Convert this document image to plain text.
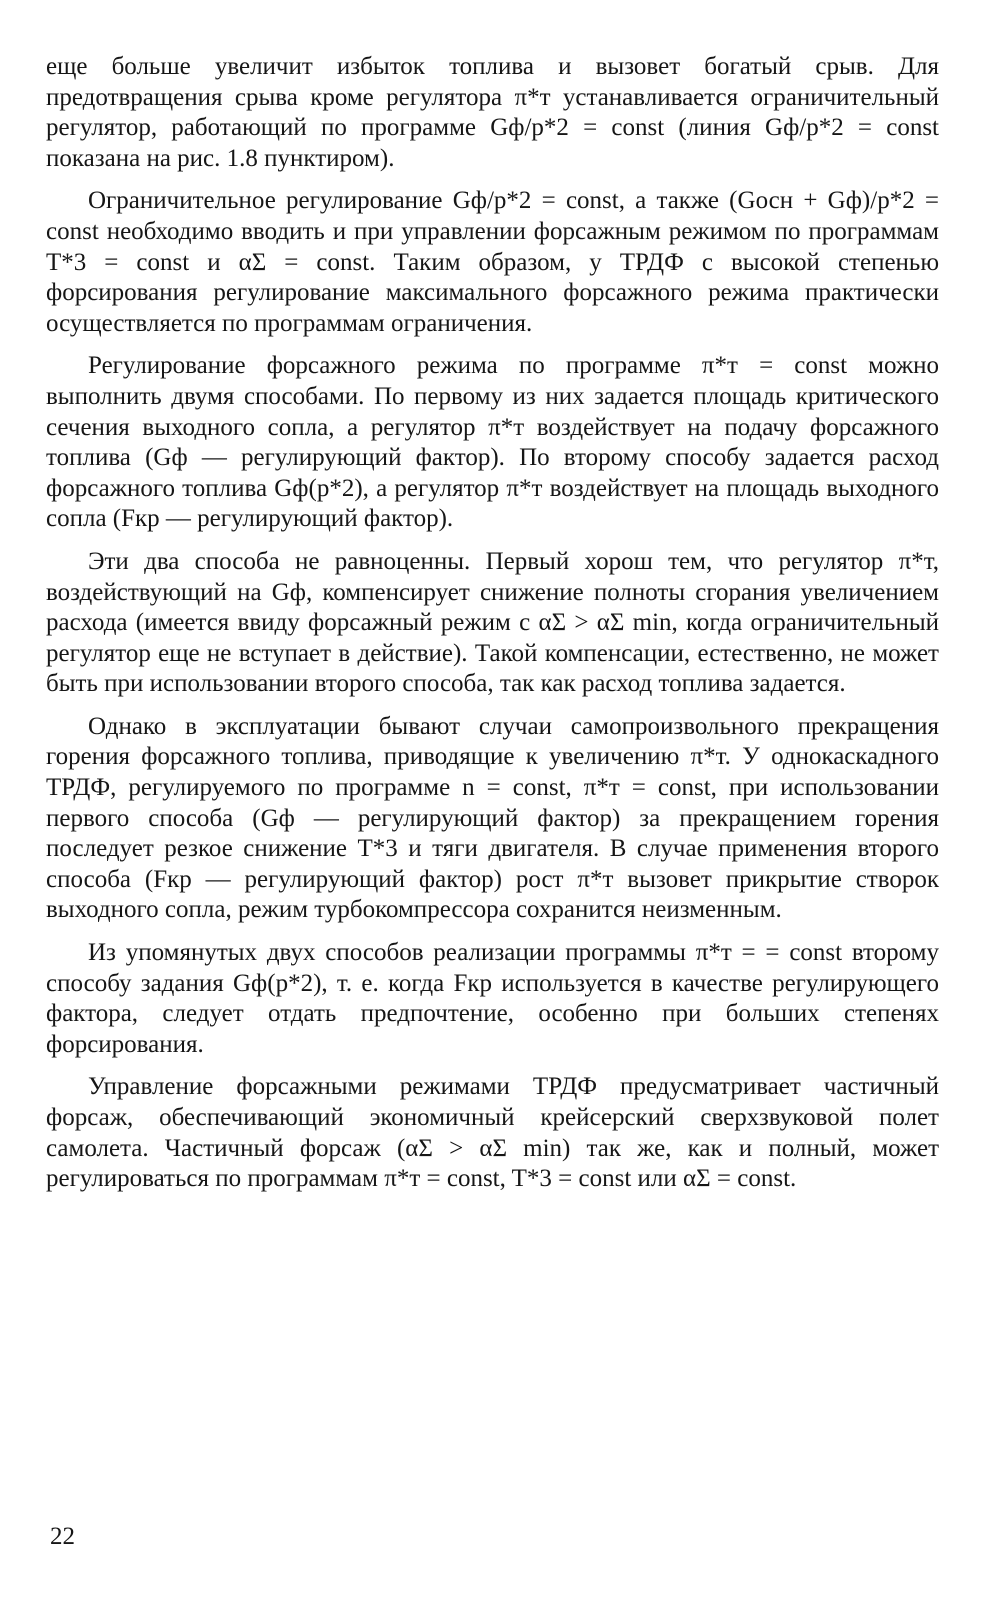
еще больше увеличит избыток топлива и вызовет богатый срыв. Для предотвращения срыва кроме регулятора π*т устанавливается ограничительный регулятор, работающий по программе Gф/p*2 = const (линия Gф/p*2 = const показана на рис. 1.8 пунктиром).

Ограничительное регулирование Gф/p*2 = const, а также (Gосн + Gф)/p*2 = const необходимо вводить и при управлении форсажным режимом по программам T*3 = const и αΣ = const. Таким образом, у ТРДФ с высокой степенью форсирования регулирование максимального форсажного режима практически осуществляется по программам ограничения.

Регулирование форсажного режима по программе π*т = const можно выполнить двумя способами. По первому из них задается площадь критического сечения выходного сопла, а регулятор π*т воздействует на подачу форсажного топлива (Gф — регулирующий фактор). По второму способу задается расход форсажного топлива Gф(p*2), а регулятор π*т воздействует на площадь выходного сопла (Fкр — регулирующий фактор).

Эти два способа не равноценны. Первый хорош тем, что регулятор π*т, воздействующий на Gф, компенсирует снижение полноты сгорания увеличением расхода (имеется ввиду форсажный режим с αΣ > αΣ min, когда ограничительный регулятор еще не вступает в действие). Такой компенсации, естественно, не может быть при использовании второго способа, так как расход топлива задается.

Однако в эксплуатации бывают случаи самопроизвольного прекращения горения форсажного топлива, приводящие к увеличению π*т. У однокаскадного ТРДФ, регулируемого по программе n = const, π*т = const, при использовании первого способа (Gф — регулирующий фактор) за прекращением горения последует резкое снижение T*3 и тяги двигателя. В случае применения второго способа (Fкр — регулирующий фактор) рост π*т вызовет прикрытие створок выходного сопла, режим турбокомпрессора сохранится неизменным.

Из упомянутых двух способов реализации программы π*т = = const второму способу задания Gф(p*2), т. е. когда Fкр используется в качестве регулирующего фактора, следует отдать предпочтение, особенно при больших степенях форсирования.

Управление форсажными режимами ТРДФ предусматривает частичный форсаж, обеспечивающий экономичный крейсерский сверхзвуковой полет самолета. Частичный форсаж (αΣ > αΣ min) так же, как и полный, может регулироваться по программам π*т = const, T*3 = const или αΣ = const.

22
